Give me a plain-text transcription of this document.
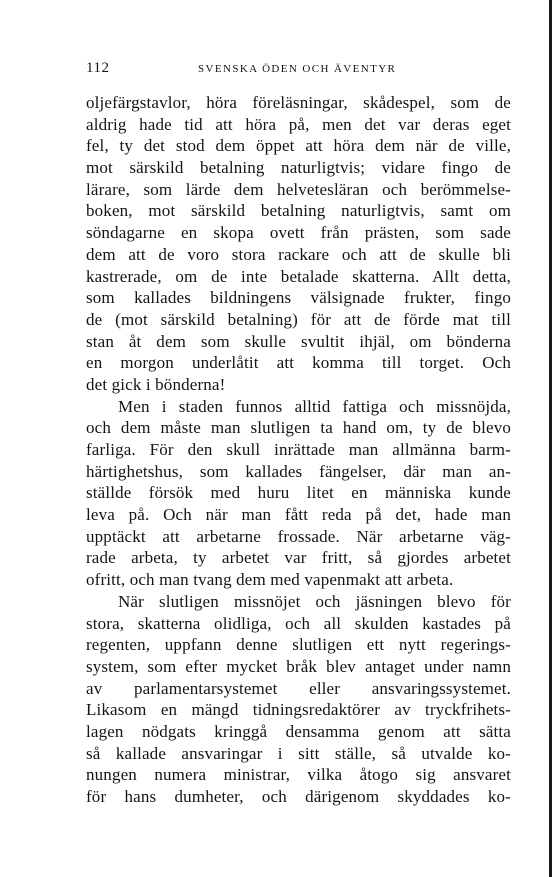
112	SVENSKA ÖDEN OCH ÄVENTYR
oljefärgstavlor, höra föreläsningar, skådespel, som de
aldrig hade tid att höra på, men det var deras eget
fel, ty det stod dem öppet att höra dem när de ville,
mot särskild betalning naturligtvis; vidare fingo de
lärare, som lärde dem helvetesläran och berömmelse-
boken, mot särskild betalning naturligtvis, samt om
söndagarne en skopa ovett från prästen, som sade
dem att de voro stora rackare och att de skulle bli
kastrerade, om de inte betalade skatterna. Allt detta,
som kallades bildningens välsignade frukter, fingo
de (mot särskild betalning) för att de förde mat till
stan åt dem som skulle svultit ihjäl, om bönderna
en morgon underlåtit att komma till torget. Och
det gick i bönderna!
Men i staden funnos alltid fattiga och missnöjda,
och dem måste man slutligen ta hand om, ty de blevo
farliga. För den skull inrättade man allmänna barm-
härtighetshus, som kallades fängelser, där man an-
ställde försök med huru litet en människa kunde
leva på. Och när man fått reda på det, hade man
upptäckt att arbetarne frossade. När arbetarne väg-
rade arbeta, ty arbetet var fritt, så gjordes arbetet
ofritt, och man tvang dem med vapenmakt att arbeta.
När slutligen missnöjet och jäsningen blevo för
stora, skatterna olidliga, och all skulden kastades på
regenten, uppfann denne slutligen ett nytt regerings-
system, som efter mycket bråk blev antaget under namn
av parlamentarsystemet eller ansvaringssystemet.
Likasom en mängd tidningsredaktörer av tryckfrihets-
lagen nödgats kringgå densamma genom att sätta
så kallade ansvaringar i sitt ställe, så utvalde ko-
nungen numera ministrar, vilka åtogo sig ansvaret
för hans dumheter, och därigenom skyddades ko-
